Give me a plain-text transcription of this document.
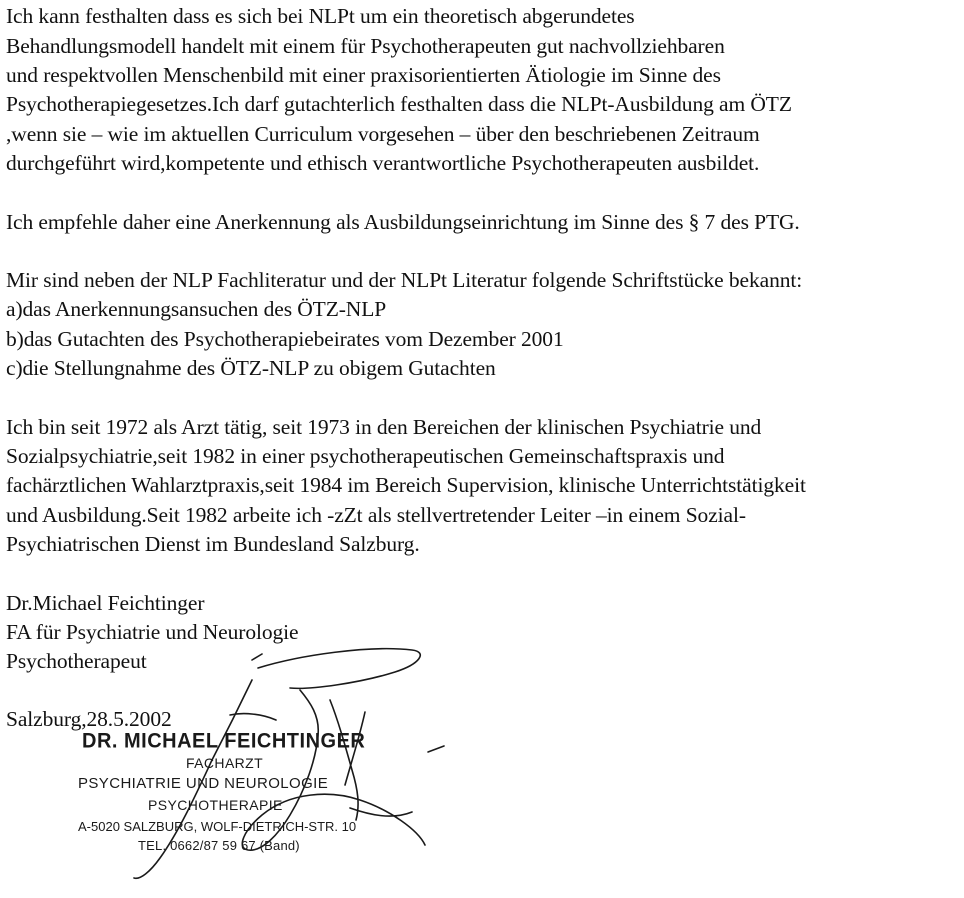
Ich kann festhalten dass es sich bei NLPt um ein theoretisch abgerundetes
Behandlungsmodell handelt mit einem für Psychotherapeuten gut nachvollziehbaren
und respektvollen Menschenbild mit einer praxisorientierten Ätiologie im Sinne des
Psychotherapiegesetzes.Ich darf gutachterlich festhalten dass die NLPt-Ausbildung am ÖTZ
,wenn sie – wie im aktuellen Curriculum vorgesehen – über den beschriebenen Zeitraum
durchgeführt wird,kompetente und ethisch verantwortliche Psychotherapeuten ausbildet.
Ich empfehle daher eine Anerkennung als Ausbildungseinrichtung im Sinne des § 7 des PTG.
Mir sind neben der NLP Fachliteratur und der NLPt Literatur folgende Schriftstücke bekannt:
a)das Anerkennungsansuchen des ÖTZ-NLP
b)das Gutachten des Psychotherapiebeirates vom Dezember 2001
c)die Stellungnahme des ÖTZ-NLP zu obigem Gutachten
Ich bin seit 1972 als Arzt tätig, seit 1973 in den Bereichen der klinischen Psychiatrie und
Sozialpsychiatrie,seit 1982 in einer psychotherapeutischen Gemeinschaftspraxis und
fachärztlichen Wahlarztpraxis,seit 1984 im Bereich Supervision, klinische Unterrichtstätigkeit
und Ausbildung.Seit 1982 arbeite ich -zZt als stellvertretender Leiter –in einem Sozial-
Psychiatrischen Dienst im Bundesland Salzburg.
Dr.Michael Feichtinger
FA für Psychiatrie und Neurologie
Psychotherapeut
Salzburg,28.5.2002
DR. MICHAEL FEICHTINGER
FACHARZT
PSYCHIATRIE UND NEUROLOGIE
PSYCHOTHERAPIE
A-5020 SALZBURG, WOLF-DIETRICH-STR. 10
TEL. 0662/87 59 67 (Band)
